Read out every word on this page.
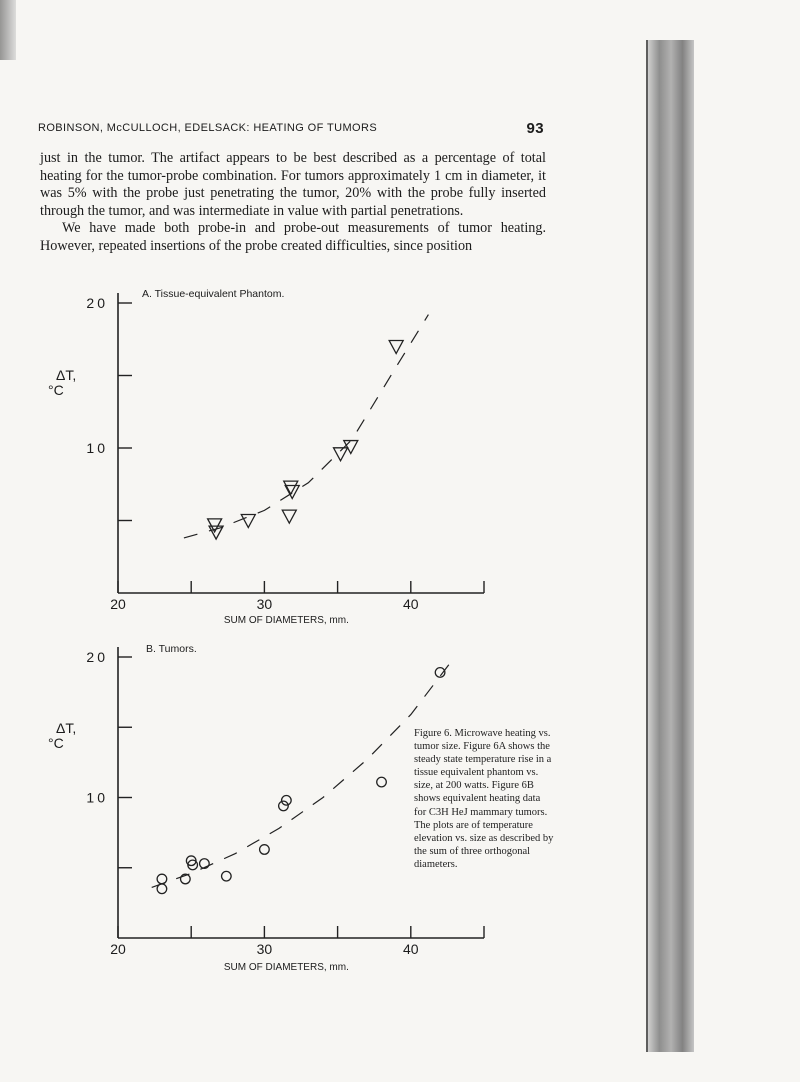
ROBINSON, McCULLOCH, EDELSACK: HEATING OF TUMORS	93

just in the tumor. The artifact appears to be best described as a percentage of total heating for the tumor-probe combination. For tumors approximately 1 cm in diameter, it was 5% with the probe just penetrating the tumor, 20% with the probe fully inserted through the tumor, and was intermediate in value with partial penetrations.

We have made both probe-in and probe-out measurements of tumor heating. However, repeated insertions of the probe created difficulties, since position

10
20
20	30	40
ΔT,
°C
SUM OF DIAMETERS, mm.
A. Tissue-equivalent Phantom.
10
20
20	30	40
ΔT,
°C
SUM OF DIAMETERS, mm.
B. Tumors.
Figure 6. Microwave heating vs. tumor size. Figure 6A shows the steady state temperature rise in a tissue equivalent phantom vs. size, at 200 watts. Figure 6B shows equivalent heating data for C3H HeJ mammary tumors. The plots are of temperature elevation vs. size as described by the sum of three orthogonal diameters.
